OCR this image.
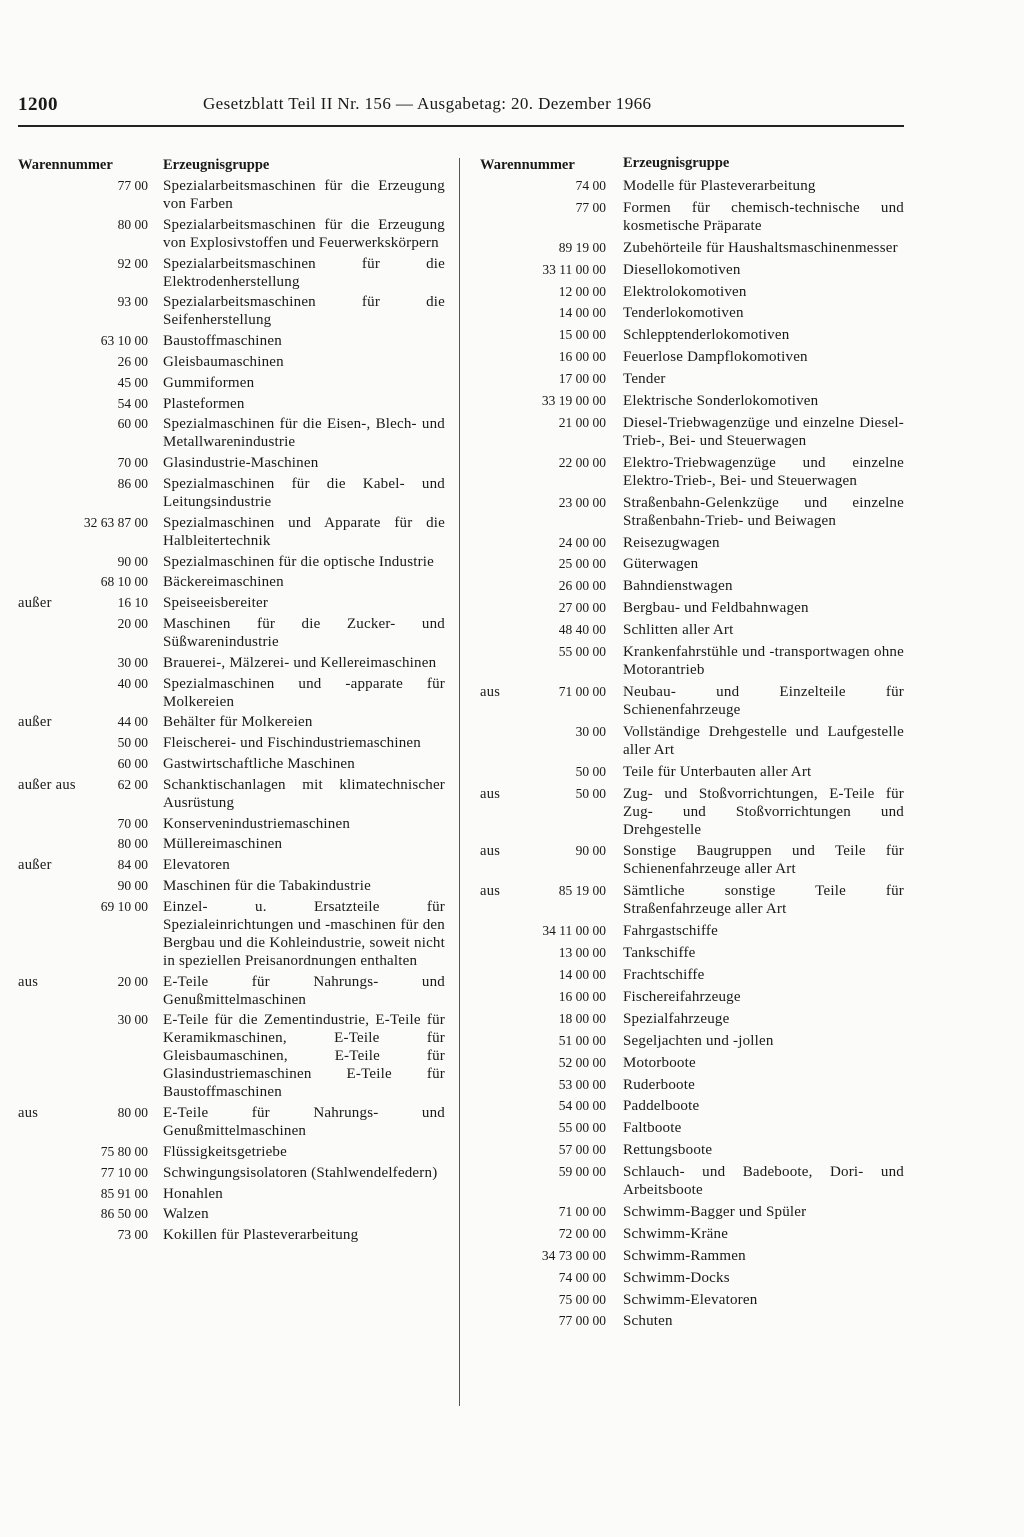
1200	Gesetzblatt Teil II Nr. 156 — Ausgabetag: 20. Dezember 1966
Warennummer	Erzeugnisgruppe
77 00 Spezialarbeitsmaschinen für die Erzeugung von Farben
80 00 Spezialarbeitsmaschinen für die Erzeugung von Explosivstoffen und Feuerwerkskörpern
92 00 Spezialarbeitsmaschinen für die Elektrodenherstellung
93 00 Spezialarbeitsmaschinen für die Seifenherstellung
63 10 00 Baustoffmaschinen
26 00 Gleisbaumaschinen
45 00 Gummiformen
54 00 Plasteformen
60 00 Spezialmaschinen für die Eisen-, Blech- und Metallwarenindustrie
70 00 Glasindustrie-Maschinen
86 00 Spezialmaschinen für die Kabel- und Leitungsindustrie
32 63 87 00 Spezialmaschinen und Apparate für die Halbleitertechnik
90 00 Spezialmaschinen für die optische Industrie
68 10 00 Bäckereimaschinen
außer	16 10 Speiseeisbereiter
20 00 Maschinen für die Zucker- und Süßwarenindustrie
30 00 Brauerei-, Mälzerei- und Kellereimaschinen
40 00 Spezialmaschinen und -apparate für Molkereien
außer	44 00 Behälter für Molkereien
50 00 Fleischerei- und Fischindustriemaschinen
60 00 Gastwirtschaftliche Maschinen
außer aus	62 00 Schanktischanlagen mit klimatechnischer Ausrüstung
70 00 Konservenindustriemaschinen
80 00 Müllereimaschinen
außer	84 00 Elevatoren
90 00 Maschinen für die Tabakindustrie
69 10 00 Einzel- u. Ersatzteile für Spezialeinrichtungen und -maschinen für den Bergbau und die Kohleindustrie, soweit nicht in speziellen Preisanordnungen enthalten
aus	20 00 E-Teile für Nahrungs- und Genußmittelmaschinen
30 00 E-Teile für die Zementindustrie, E-Teile für Keramikmaschinen, E-Teile für Gleisbaumaschinen, E-Teile für Glasindustriemaschinen E-Teile für Baustoffmaschinen
aus	80 00 E-Teile für Nahrungs- und Genußmittelmaschinen
75 80 00 Flüssigkeitsgetriebe
77 10 00 Schwingungsisolatoren (Stahlwendelfedern)
85 91 00 Honahlen
86 50 00 Walzen
73 00 Kokillen für Plasteverarbeitung
Warennummer	Erzeugnisgruppe
74 00 Modelle für Plasteverarbeitung
77 00 Formen für chemisch-technische und kosmetische Präparate
89 19 00 Zubehörteile für Haushaltsmaschinenmesser
33 11 00 00 Diesellokomotiven
12 00 00 Elektrolokomotiven
14 00 00 Tenderlokomotiven
15 00 00 Schlepptenderlokomotiven
16 00 00 Feuerlose Dampflokomotiven
17 00 00 Tender
33 19 00 00 Elektrische Sonderlokomotiven
21 00 00 Diesel-Triebwagenzüge und einzelne Diesel-Trieb-, Bei- und Steuerwagen
22 00 00 Elektro-Triebwagenzüge und einzelne Elektro-Trieb-, Bei- und Steuerwagen
23 00 00 Straßenbahn-Gelenkzüge und einzelne Straßenbahn-Trieb- und Beiwagen
24 00 00 Reisezugwagen
25 00 00 Güterwagen
26 00 00 Bahndienstwagen
27 00 00 Bergbau- und Feldbahnwagen
48 40 00 Schlitten aller Art
55 00 00 Krankenfahrstühle und -transportwagen ohne Motorantrieb
aus	71 00 00 Neubau- und Einzelteile für Schienenfahrzeuge
30 00 Vollständige Drehgestelle und Laufgestelle aller Art
50 00 Teile für Unterbauten aller Art
aus	50 00 Zug- und Stoßvorrichtungen, E-Teile für Zug- und Stoßvorrichtungen und Drehgestelle
aus	90 00 Sonstige Baugruppen und Teile für Schienenfahrzeuge aller Art
aus	85 19 00 Sämtliche sonstige Teile für Straßenfahrzeuge aller Art
34 11 00 00 Fahrgastschiffe
13 00 00 Tankschiffe
14 00 00 Frachtschiffe
16 00 00 Fischereifahrzeuge
18 00 00 Spezialfahrzeuge
51 00 00 Segeljachten und -jollen
52 00 00 Motorboote
53 00 00 Ruderboote
54 00 00 Paddelboote
55 00 00 Faltboote
57 00 00 Rettungsboote
59 00 00 Schlauch- und Badeboote, Dori- und Arbeitsboote
71 00 00 Schwimm-Bagger und Spüler
72 00 00 Schwimm-Kräne
34 73 00 00 Schwimm-Rammen
74 00 00 Schwimm-Docks
75 00 00 Schwimm-Elevatoren
77 00 00 Schuten
